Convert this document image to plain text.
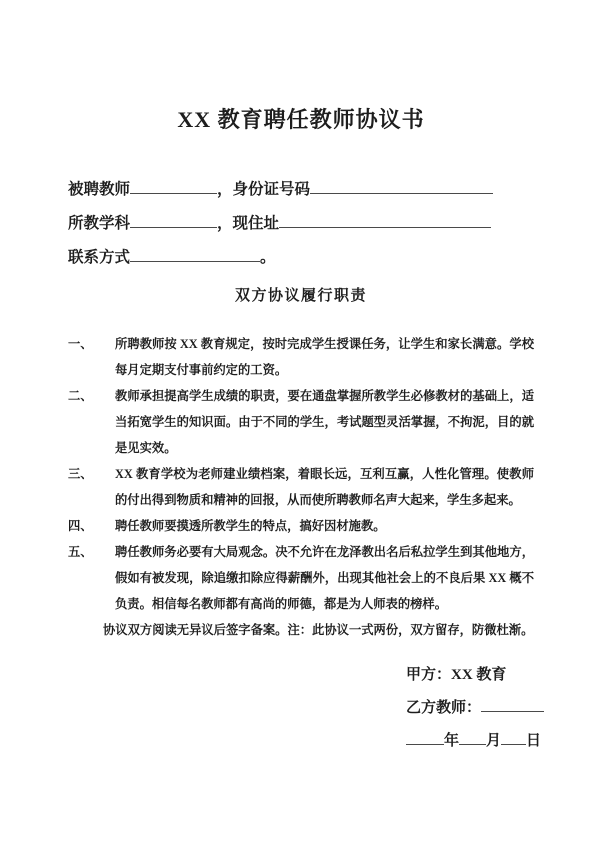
XX 教育聘任教师协议书
被聘教师	，身份证号码
所教学科	，现住址
联系方式	。
双方协议履行职责
一、	所聘教师按 XX 教育规定，按时完成学生授课任务，让学生和家长满意。学校每月定期支付事前约定的工资。
二、	教师承担提高学生成绩的职责，要在通盘掌握所教学生必修教材的基础上，适当拓宽学生的知识面。由于不同的学生，考试题型灵活掌握，不拘泥，目的就是见实效。
三、	XX 教育学校为老师建业绩档案，着眼长远，互利互赢，人性化管理。使教师的付出得到物质和精神的回报，从而使所聘教师名声大起来，学生多起来。
四、	聘任教师要摸透所教学生的特点，搞好因材施教。
五、	聘任教师务必要有大局观念。决不允许在龙泽教出名后私拉学生到其他地方，假如有被发现，除追缴扣除应得薪酬外，出现其他社会上的不良后果 XX 概不负责。相信每名教师都有高尚的师德，都是为人师表的榜样。
协议双方阅读无异议后签字备案。注：此协议一式两份，双方留存，防微杜渐。
甲方：XX 教育
乙方教师：
年 月 日
